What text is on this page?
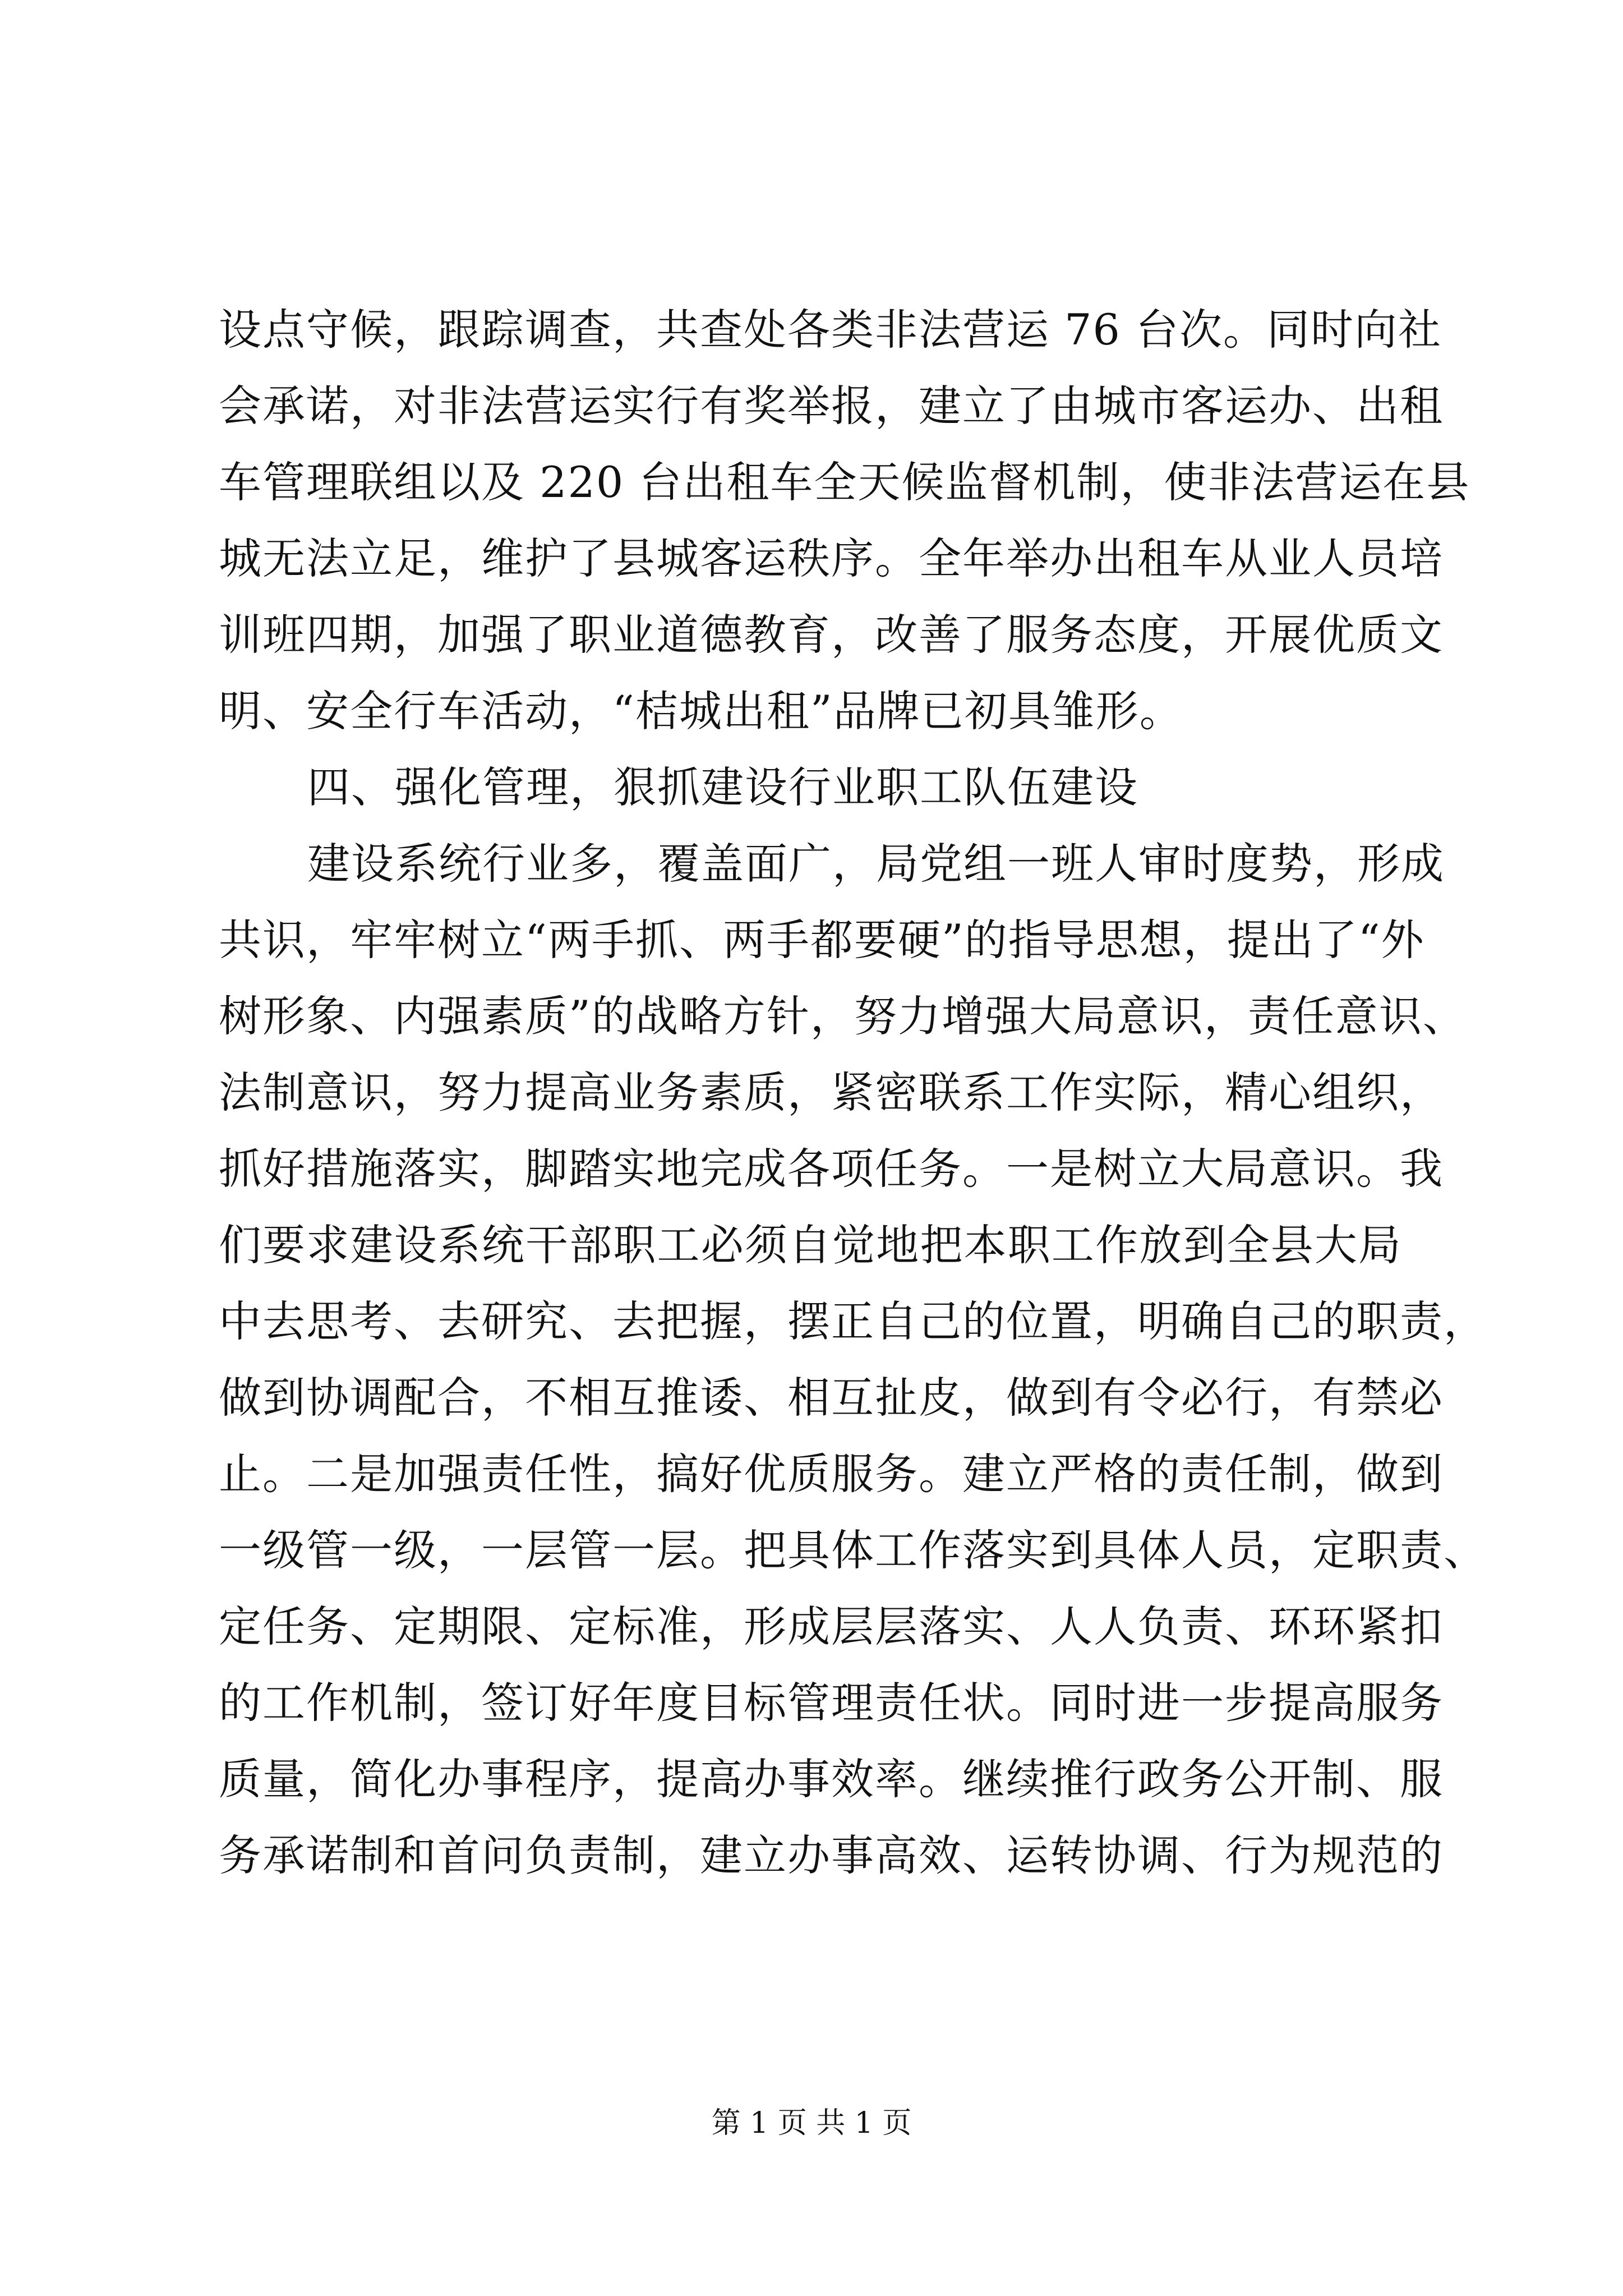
设点守候，跟踪调查，共查处各类非法营运 76 台次。同时向社
会承诺，对非法营运实行有奖举报，建立了由城市客运办、出租
车管理联组以及 220 台出租车全天候监督机制，使非法营运在县
城无法立足，维护了县城客运秩序。全年举办出租车从业人员培
训班四期，加强了职业道德教育，改善了服务态度，开展优质文
明、安全行车活动，“桔城出租”品牌已初具雏形。
四、强化管理，狠抓建设行业职工队伍建设
建设系统行业多，覆盖面广，局党组一班人审时度势，形成
共识，牢牢树立“两手抓、两手都要硬”的指导思想，提出了“外
树形象、内强素质”的战略方针，努力增强大局意识，责任意识、
法制意识，努力提高业务素质，紧密联系工作实际，精心组织，
抓好措施落实，脚踏实地完成各项任务。一是树立大局意识。我
们要求建设系统干部职工必须自觉地把本职工作放到全县大局
中去思考、去研究、去把握，摆正自己的位置，明确自己的职责，
做到协调配合，不相互推诿、相互扯皮，做到有令必行，有禁必
止。二是加强责任性，搞好优质服务。建立严格的责任制，做到
一级管一级，一层管一层。把具体工作落实到具体人员，定职责、
定任务、定期限、定标准，形成层层落实、人人负责、环环紧扣
的工作机制，签订好年度目标管理责任状。同时进一步提高服务
质量，简化办事程序，提高办事效率。继续推行政务公开制、服
务承诺制和首问负责制，建立办事高效、运转协调、行为规范的
第 1 页 共 1 页
